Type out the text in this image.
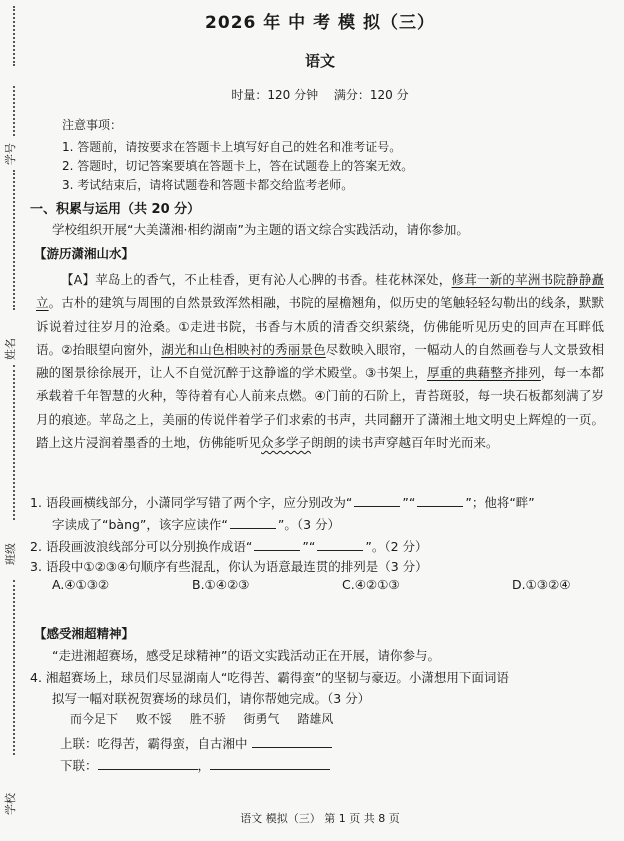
学号
姓名
班级
学校
2026 年 中 考 模 拟（三）
语文
时量：120 分钟 满分：120 分
注意事项：
1. 答题前，请按要求在答题卡上填写好自己的姓名和准考证号。
2. 答题时，切记答案要填在答题卡上，答在试题卷上的答案无效。
3. 考试结束后，请将试题卷和答题卡都交给监考老师。
一、积累与运用（共 20 分）
学校组织开展“大美潇湘·相约湖南”为主题的语文综合实践活动，请你参加。
【游历潇湘山水】

【A】苹岛上的香气，不止桂香，更有沁人心脾的书香。桂花林深处，修茸一新的苹洲书院静静矗立。古朴的建筑与周围的自然景致浑然相融，书院的屋檐翘角，似历史的笔触轻轻勾勒出的线条，默默诉说着过往岁月的沧桑。①走进书院，书香与木质的清香交织萦绕，仿佛能听见历史的回声在耳畔低语。②抬眼望向窗外，湖光和山色相映衬的秀丽景色尽数映入眼帘，一幅动人的自然画卷与人文景致相融的图景徐徐展开，让人不自觉沉醉于这静谧的学术殿堂。③书架上，厚重的典藉整齐排列，每一本都承载着千年智慧的火种，等待着有心人前来点燃。④门前的石阶上，青苔斑驳，每一块石板都刻满了岁月的痕迹。苹岛之上，美丽的传说伴着学子们求索的书声，共同翻开了潇湘土地文明史上辉煌的一页。踏上这片浸润着墨香的土地，仿佛能听见众多学子朗朗的读书声穿越百年时光而来。

1. 语段画横线部分，小潇同学写错了两个字，应分别改为“	”“	”；他将“畔”
字读成了“bàng”，该字应读作“	”。（3 分）
2. 语段画波浪线部分可以分别换作成语“	”“	”。（2 分）
3. 语段中①②③④句顺序有些混乱，你认为语意最连贯的排列是（3 分）
A.④①③②	B.①④②③	C.④②①③	D.①③②④
【感受湘超精神】
“走进湘超赛场，感受足球精神”的语文实践活动正在开展，请你参与。
4. 湘超赛场上，球员们尽显湖南人“吃得苦、霸得蛮”的坚韧与豪迈。小潇想用下面词语
拟写一幅对联祝贺赛场的球员们，请你帮她完成。（3 分）
而今足下 败不馁 胜不骄 街勇气 踏雄风
上联：吃得苦，霸得蛮，自古湘中
下联：	，
语文 模拟（三） 第 1 页 共 8 页
